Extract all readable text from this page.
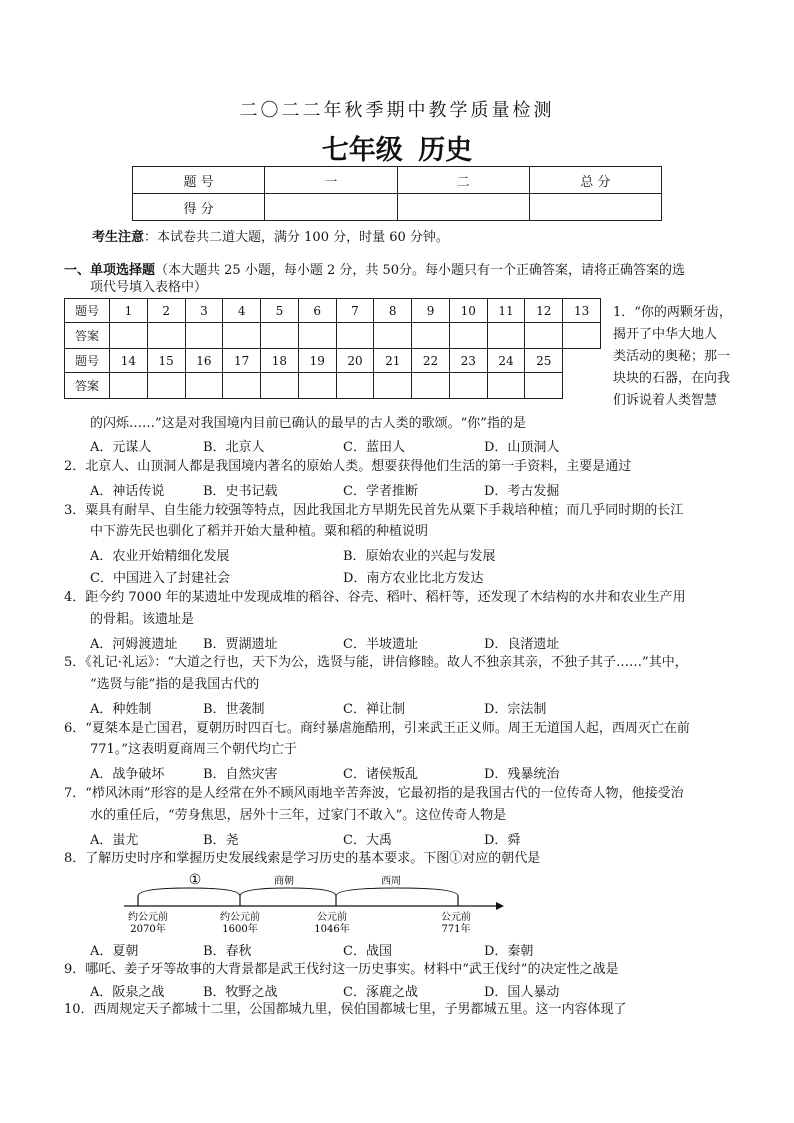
二〇二二年秋季期中教学质量检测
七年级 历史
题 号	一	二	总 分
得 分			
考生注意：本试卷共二道大题，满分 100 分，时量 60 分钟。
一、单项选择题（本大题共 25 小题，每小题 2 分，共 50分。每小题只有一个正确答案，请将正确答案的选
项代号填入表格中）
题号	1	2	3	4	5	6	7	8	9	10	11	12	13
答案													
题号	14	15	16	17	18	19	20	21	22	23	24	25	
答案													
1．“你的两颗牙齿，
揭开了中华大地人
类活动的奥秘；那一
块块的石器，在向我
们诉说着人类智慧
的闪烁……”这是对我国境内目前已确认的最早的古人类的歌颂。“你”指的是
A．元谋人	B．北京人	C．蓝田人	D．山顶洞人
2．北京人、山顶洞人都是我国境内著名的原始人类。想要获得他们生活的第一手资料，主要是通过
A．神话传说	B．史书记载	C．学者推断	D．考古发掘
3．粟具有耐旱、自生能力较强等特点，因此我国北方早期先民首先从粟下手栽培种植；而几乎同时期的长江
中下游先民也驯化了稻并开始大量种植。粟和稻的种植说明
A．农业开始精细化发展	B．原始农业的兴起与发展
C．中国进入了封建社会	D．南方农业比北方发达
4．距今约 7000 年的某遗址中发现成堆的稻谷、谷壳、稻叶、稻杆等，还发现了木结构的水井和农业生产用
的骨耜。该遗址是
A．河姆渡遗址 B．贾湖遗址	C．半坡遗址	D．良渚遗址
5．《礼记·礼运》：“大道之行也，天下为公，选贤与能，讲信修睦。故人不独亲其亲，不独子其子……”其中，
“选贤与能”指的是我国古代的
A．种姓制	B．世袭制	C．禅让制	D．宗法制
6．“夏桀本是亡国君，夏朝历时四百七。商纣暴虐施酷刑，引来武王正义师。周王无道国人起，西周灭亡在前
771。”这表明夏商周三个朝代均亡于
A．战争破坏	B．自然灾害	C．诸侯叛乱	D．残暴统治
7．“栉风沐雨”形容的是人经常在外不顾风雨地辛苦奔波，它最初指的是我国古代的一位传奇人物，他接受治
水的重任后，“劳身焦思，居外十三年，过家门不敢入”。这位传奇人物是
A．蚩尤	B．尧	C．大禹	D．舜
8．了解历史时序和掌握历史发展线索是学习历史的基本要求。下图①对应的朝代是
①	商朝	西周
约公元前
2070年
约公元前
1600年
公元前
1046年
公元前
771年
A．夏朝	B．春秋	C．战国	D．秦朝
9．哪吒、姜子牙等故事的大背景都是武王伐纣这一历史事实。材料中“武王伐纣”的决定性之战是
A．阪泉之战	B．牧野之战	C．涿鹿之战	D．国人暴动
10．西周规定天子都城十二里，公国都城九里，侯伯国都城七里，子男都城五里。这一内容体现了
